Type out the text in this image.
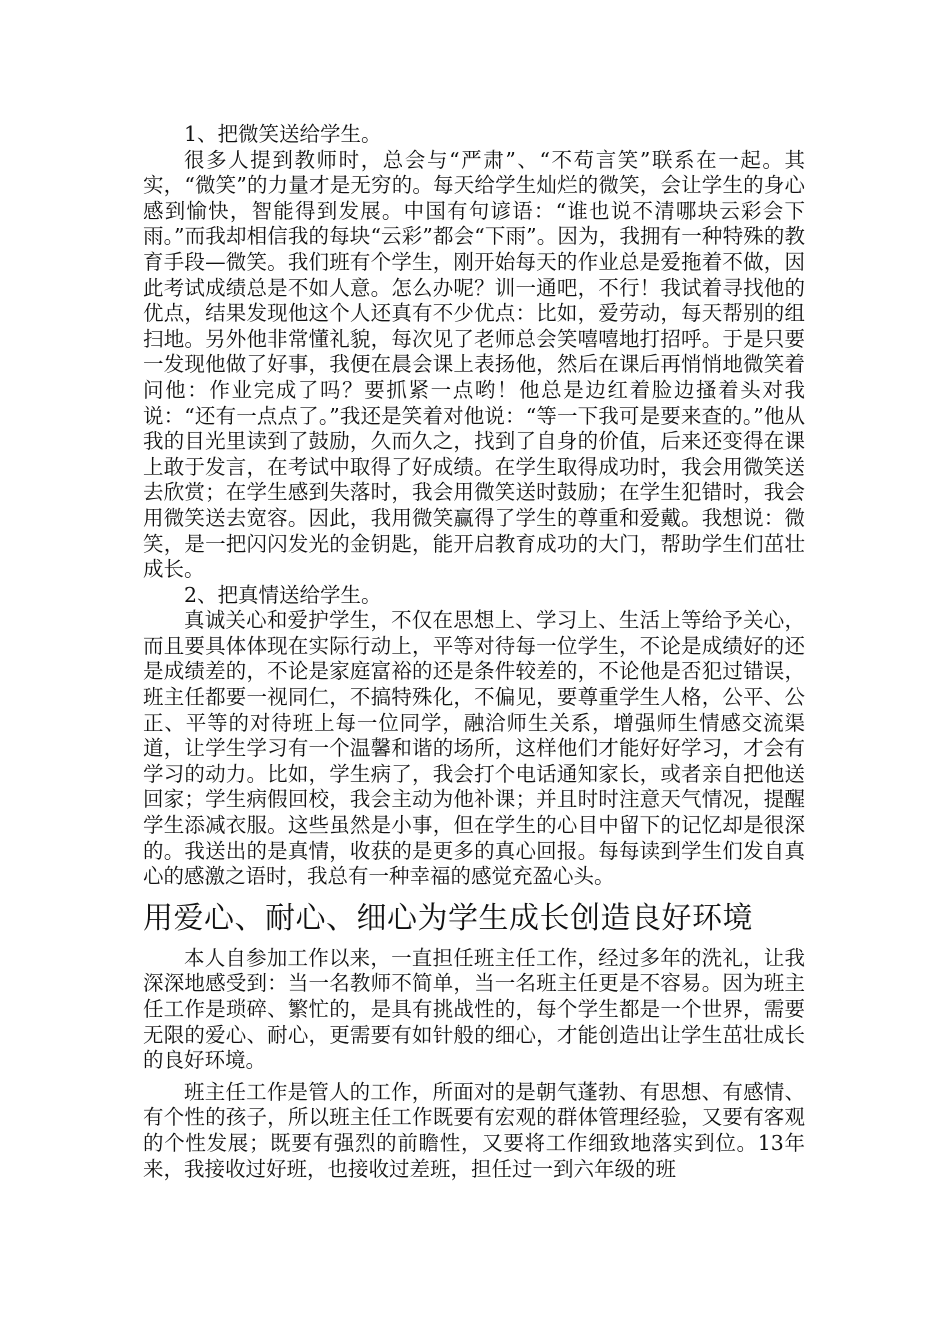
1、把微笑送给学生。

很多人提到教师时，总会与“严肃”、“不苟言笑”联系在一起。其实，“微笑”的力量才是无穷的。每天给学生灿烂的微笑，会让学生的身心感到愉快，智能得到发展。中国有句谚语：“谁也说不清哪块云彩会下雨。”而我却相信我的每块“云彩”都会“下雨”。因为，我拥有一种特殊的教育手段—微笑。我们班有个学生，刚开始每天的作业总是爱拖着不做，因此考试成绩总是不如人意。怎么办呢？训一通吧，不行！我试着寻找他的优点，结果发现他这个人还真有不少优点：比如，爱劳动，每天帮别的组扫地。另外他非常懂礼貌，每次见了老师总会笑嘻嘻地打招呼。于是只要一发现他做了好事，我便在晨会课上表扬他，然后在课后再悄悄地微笑着问他：作业完成了吗？要抓紧一点哟！他总是边红着脸边搔着头对我说：“还有一点点了。”我还是笑着对他说：“等一下我可是要来查的。”他从我的目光里读到了鼓励，久而久之，找到了自身的价值，后来还变得在课上敢于发言，在考试中取得了好成绩。在学生取得成功时，我会用微笑送去欣赏；在学生感到失落时，我会用微笑送时鼓励；在学生犯错时，我会用微笑送去宽容。因此，我用微笑赢得了学生的尊重和爱戴。我想说：微笑，是一把闪闪发光的金钥匙，能开启教育成功的大门，帮助学生们茁壮成长。

2、把真情送给学生。

真诚关心和爱护学生，不仅在思想上、学习上、生活上等给予关心，而且要具体体现在实际行动上，平等对待每一位学生，不论是成绩好的还是成绩差的，不论是家庭富裕的还是条件较差的，不论他是否犯过错误，班主任都要一视同仁，不搞特殊化，不偏见，要尊重学生人格，公平、公正、平等的对待班上每一位同学，融洽师生关系，增强师生情感交流渠道，让学生学习有一个温馨和谐的场所，这样他们才能好好学习，才会有学习的动力。比如，学生病了，我会打个电话通知家长，或者亲自把他送回家；学生病假回校，我会主动为他补课；并且时时注意天气情况，提醒学生添减衣服。这些虽然是小事，但在学生的心目中留下的记忆却是很深的。我送出的是真情，收获的是更多的真心回报。每每读到学生们发自真心的感激之语时，我总有一种幸福的感觉充盈心头。

用爱心、耐心、细心为学生成长创造良好环境

本人自参加工作以来，一直担任班主任工作，经过多年的洗礼，让我深深地感受到：当一名教师不简单，当一名班主任更是不容易。因为班主任工作是琐碎、繁忙的，是具有挑战性的，每个学生都是一个世界，需要无限的爱心、耐心，更需要有如针般的细心，才能创造出让学生茁壮成长的良好环境。

班主任工作是管人的工作，所面对的是朝气蓬勃、有思想、有感情、有个性的孩子，所以班主任工作既要有宏观的群体管理经验，又要有客观的个性发展；既要有强烈的前瞻性，又要将工作细致地落实到位。13年来，我接收过好班，也接收过差班，担任过一到六年级的班
